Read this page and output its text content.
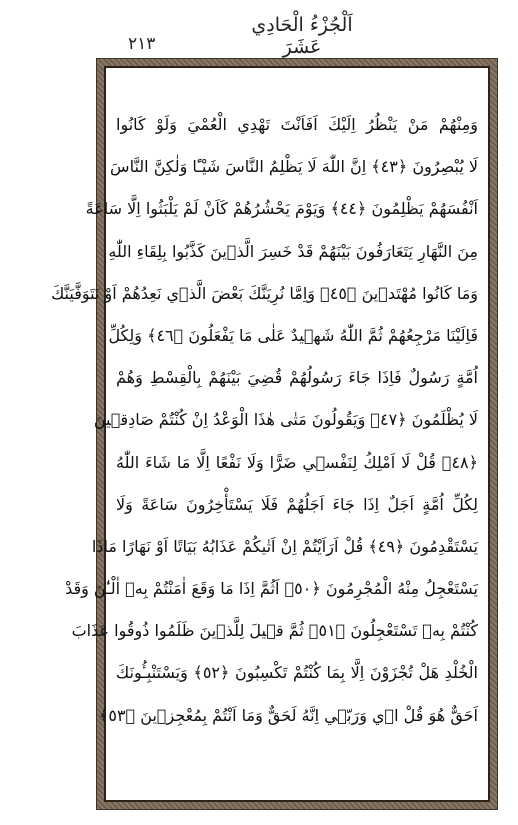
٢١٣
اَلْجُزْءُ الْحَادِي عَشَرَ
وَمِنْهُمْ مَنْ يَنْظُرُ اِلَيْكَ اَفَاَنْتَ تَهْدِي الْعُمْيَ وَلَوْ كَانُوا
لَا يُبْصِرُونَ ﴿٤٣﴾ اِنَّ اللّٰهَ لَا يَظْلِمُ النَّاسَ شَيْـًٔا وَلٰكِنَّ النَّاسَ
اَنْفُسَهُمْ يَظْلِمُونَ ﴿٤٤﴾ وَيَوْمَ يَحْشُرُهُمْ كَاَنْ لَمْ يَلْبَثُوا اِلَّا سَاعَةً
مِنَ النَّهَارِ يَتَعَارَفُونَ بَيْنَهُمْ قَدْ خَسِرَ الَّذ۪ينَ كَذَّبُوا بِلِقَاءِ اللّٰهِ
وَمَا كَانُوا مُهْتَد۪ينَ ﴿٤٥﴾ وَاِمَّا نُرِيَنَّكَ بَعْضَ الَّذ۪ي نَعِدُهُمْ اَوْ نَتَوَفَّيَنَّكَ
فَاِلَيْنَا مَرْجِعُهُمْ ثُمَّ اللّٰهُ شَه۪يدٌ عَلٰى مَا يَفْعَلُونَ ﴿٤٦﴾ وَلِكُلِّ
اُمَّةٍ رَسُولٌ فَاِذَا جَاءَ رَسُولُهُمْ قُضِيَ بَيْنَهُمْ بِالْقِسْطِ وَهُمْ
لَا يُظْلَمُونَ ﴿٤٧﴾ وَيَقُولُونَ مَتٰى هٰذَا الْوَعْدُ اِنْ كُنْتُمْ صَادِق۪ينَ
﴿٤٨﴾ قُلْ لَا اَمْلِكُ لِنَفْس۪ي ضَرًّا وَلَا نَفْعًا اِلَّا مَا شَاءَ اللّٰهُ
لِكُلِّ اُمَّةٍ اَجَلٌ اِذَا جَاءَ اَجَلُهُمْ فَلَا يَسْتَأْخِرُونَ سَاعَةً وَلَا
يَسْتَقْدِمُونَ ﴿٤٩﴾ قُلْ اَرَاَيْتُمْ اِنْ اَتٰيكُمْ عَذَابُهُ بَيَاتًا اَوْ نَهَارًا مَاذَا
يَسْتَعْجِلُ مِنْهُ الْمُجْرِمُونَ ﴿٥٠﴾ اَثُمَّ اِذَا مَا وَقَعَ اٰمَنْتُمْ بِه۪ اٰلْـٰٔنَ وَقَدْ
كُنْتُمْ بِه۪ تَسْتَعْجِلُونَ ﴿٥١﴾ ثُمَّ ق۪يلَ لِلَّذ۪ينَ ظَلَمُوا ذُوقُوا عَذَابَ
الْخُلْدِ هَلْ تُجْزَوْنَ اِلَّا بِمَا كُنْتُمْ تَكْسِبُونَ ﴿٥٢﴾ وَيَسْتَنْبِـُٔونَكَ
اَحَقٌّ هُوَ قُلْ ا۪ي وَرَبّ۪ي اِنَّهُ لَحَقٌّ وَمَا اَنْتُمْ بِمُعْجِز۪ينَ ﴿٥٣﴾
